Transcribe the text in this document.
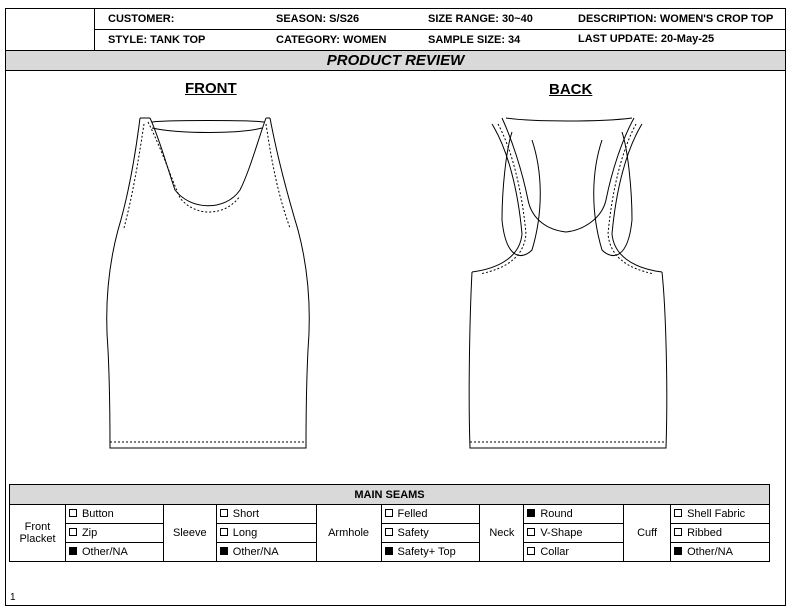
CUSTOMER:	SEASON: S/S26	SIZE RANGE: 30~40	DESCRIPTION: WOMEN'S CROP TOP
STYLE: TANK TOP	CATEGORY: WOMEN	SAMPLE SIZE: 34	LAST UPDATE: 20-May-25
PRODUCT REVIEW
FRONT	BACK
1
MAIN SEAMS									
Front Placket	Button	Sleeve	Short	Armhole	Felled	Neck	Round	Cuff	Shell Fabric
	Zip		Long		Safety		V-Shape		Ribbed
	Other/NA		Other/NA		Safety+ Top		Collar		Other/NA
